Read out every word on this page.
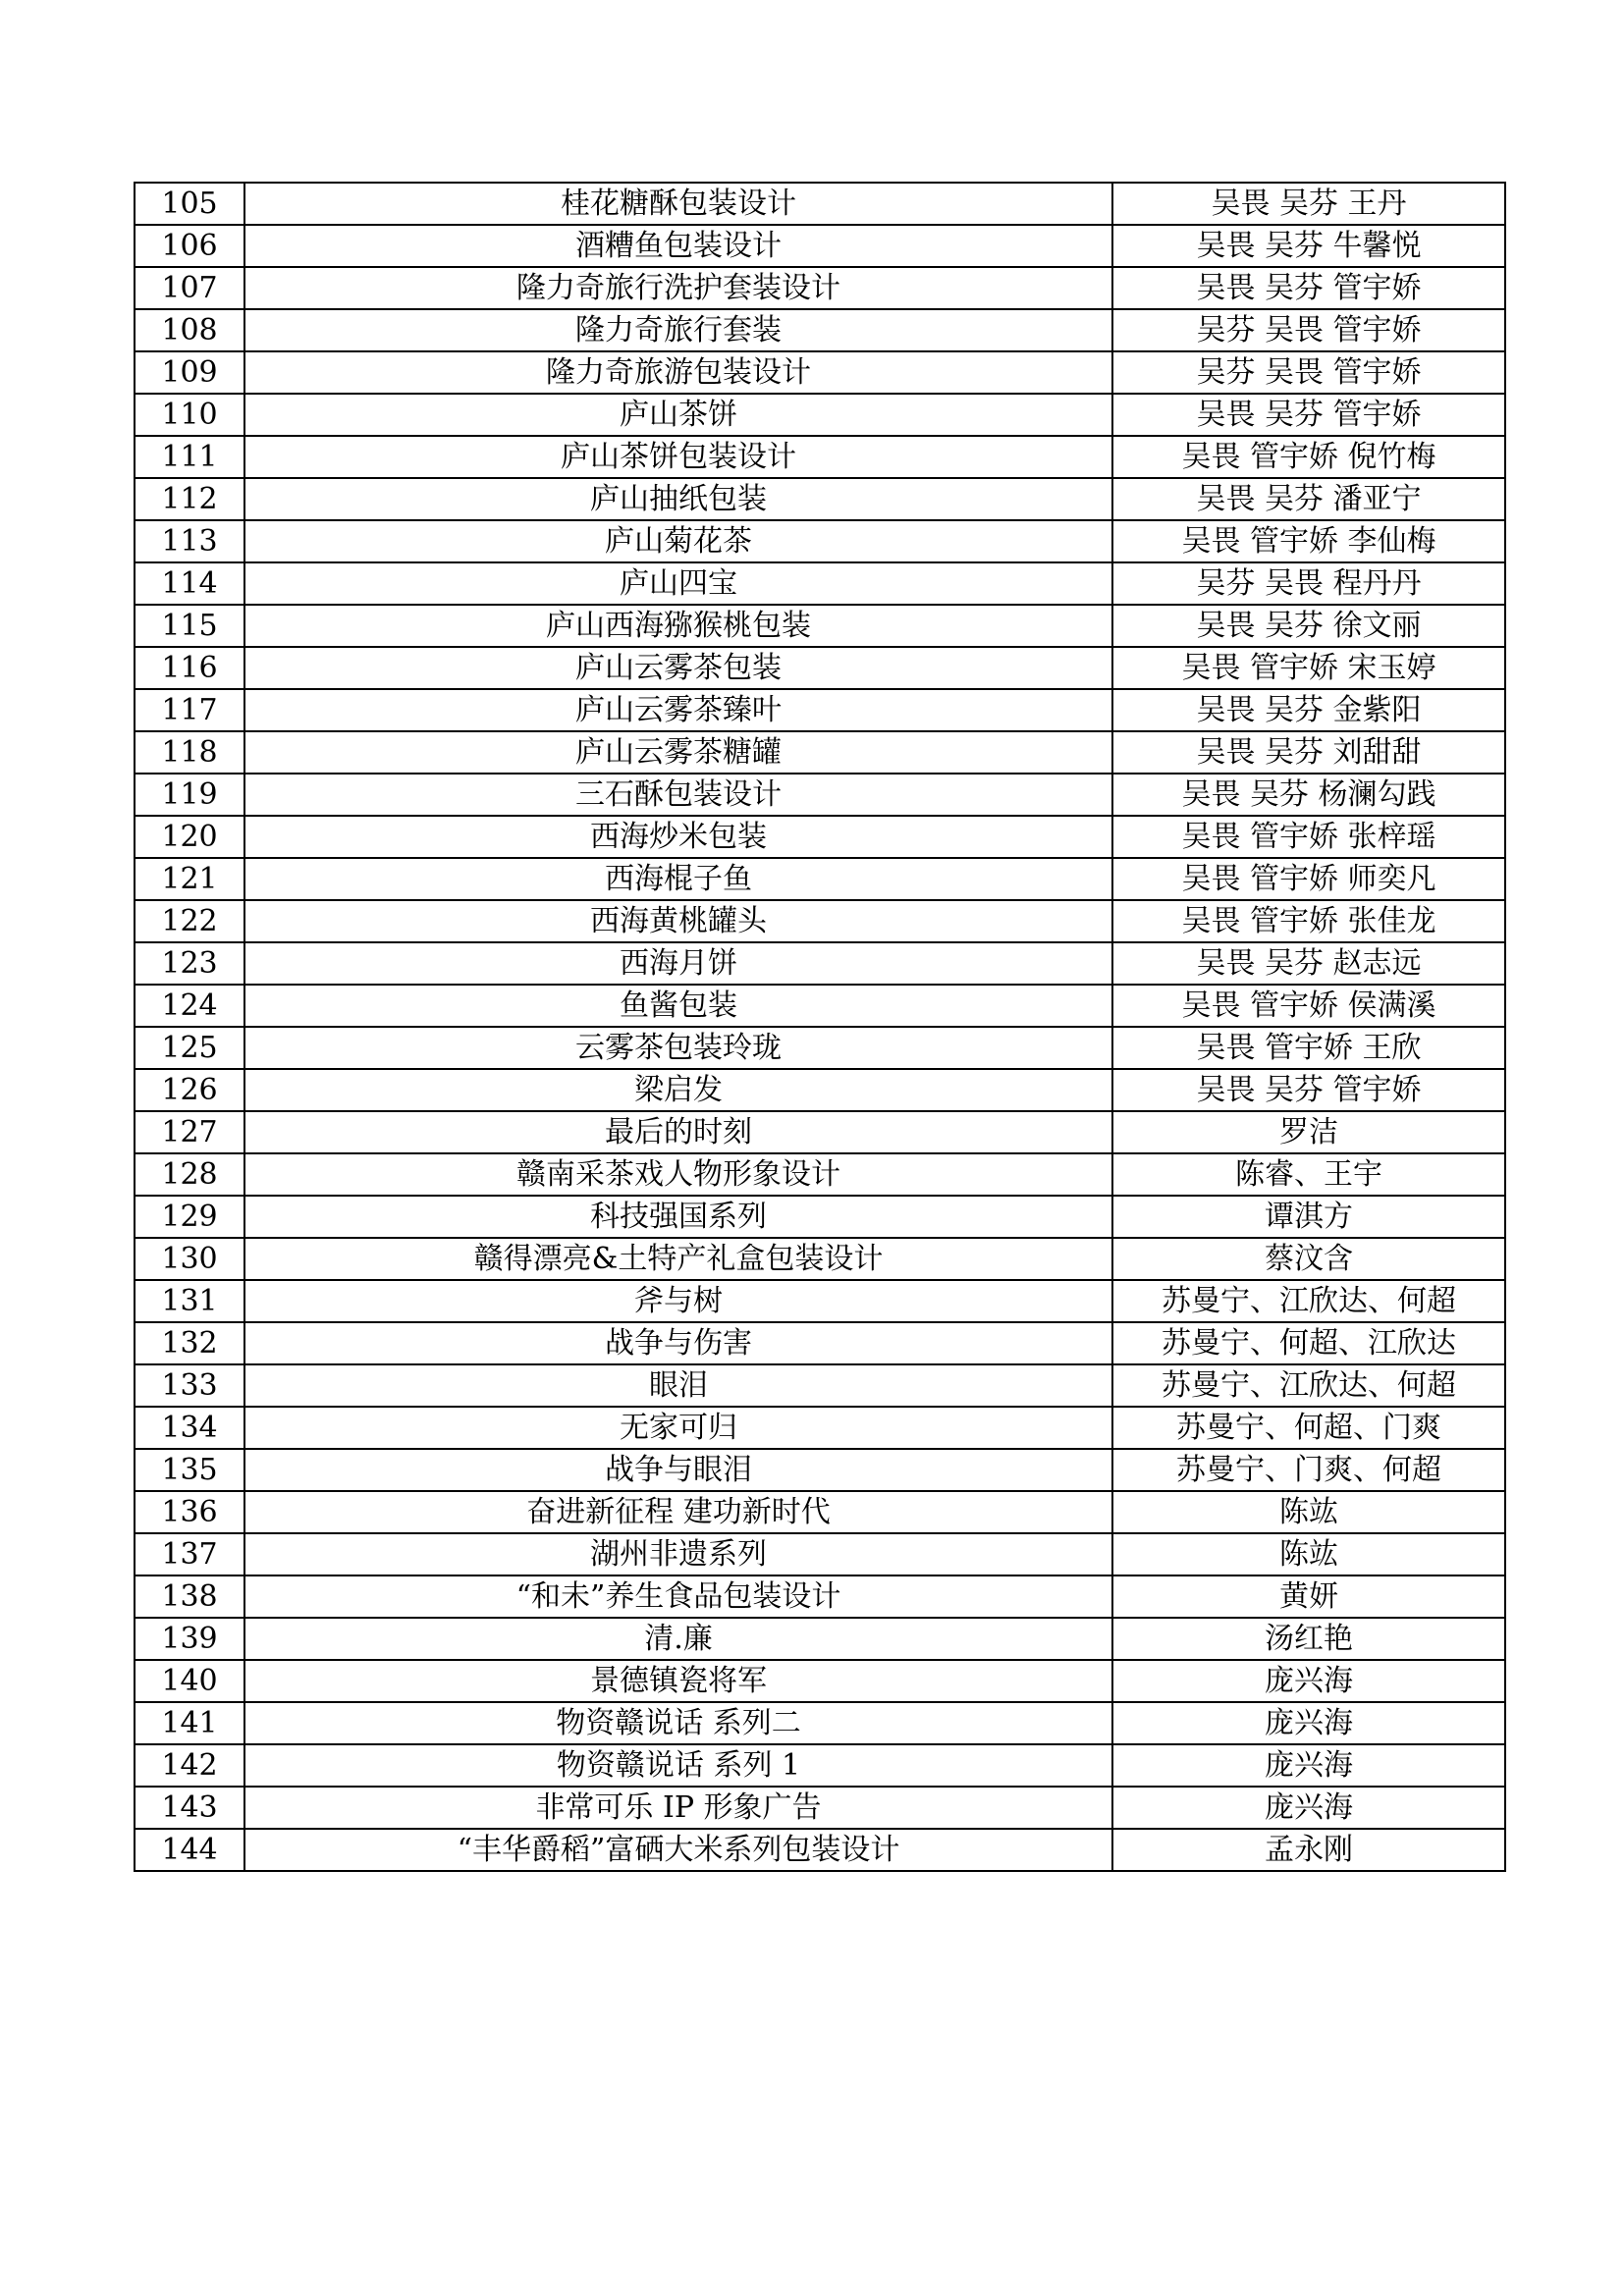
105	桂花糖酥包装设计	吴畏 吴芬 王丹
106	酒糟鱼包装设计	吴畏 吴芬 牛馨悦
107	隆力奇旅行洗护套装设计	吴畏 吴芬 管宇娇
108	隆力奇旅行套装	吴芬 吴畏 管宇娇
109	隆力奇旅游包装设计	吴芬 吴畏 管宇娇
110	庐山茶饼	吴畏 吴芬 管宇娇
111	庐山茶饼包装设计	吴畏 管宇娇 倪竹梅
112	庐山抽纸包装	吴畏 吴芬 潘亚宁
113	庐山菊花茶	吴畏 管宇娇 李仙梅
114	庐山四宝	吴芬 吴畏 程丹丹
115	庐山西海猕猴桃包装	吴畏 吴芬 徐文丽
116	庐山云雾茶包装	吴畏 管宇娇 宋玉婷
117	庐山云雾茶臻叶	吴畏 吴芬 金紫阳
118	庐山云雾茶糖罐	吴畏 吴芬 刘甜甜
119	三石酥包装设计	吴畏 吴芬 杨澜勾践
120	西海炒米包装	吴畏 管宇娇 张梓瑶
121	西海棍子鱼	吴畏 管宇娇 师奕凡
122	西海黄桃罐头	吴畏 管宇娇 张佳龙
123	西海月饼	吴畏 吴芬 赵志远
124	鱼酱包装	吴畏 管宇娇 侯满溪
125	云雾茶包装玲珑	吴畏 管宇娇 王欣
126	梁启发	吴畏 吴芬 管宇娇
127	最后的时刻	罗洁
128	赣南采茶戏人物形象设计	陈睿、王宇
129	科技强国系列	谭淇方
130	赣得漂亮&土特产礼盒包装设计	蔡汶含
131	斧与树	苏曼宁、江欣达、何超
132	战争与伤害	苏曼宁、何超、江欣达
133	眼泪	苏曼宁、江欣达、何超
134	无家可归	苏曼宁、何超、门爽
135	战争与眼泪	苏曼宁、门爽、何超
136	奋进新征程 建功新时代	陈竑
137	湖州非遗系列	陈竑
138	“和未”养生食品包装设计	黄妍
139	清.廉	汤红艳
140	景德镇瓷将军	庞兴海
141	物资赣说话 系列二	庞兴海
142	物资赣说话 系列 1	庞兴海
143	非常可乐 IP 形象广告	庞兴海
144	“丰华爵稻”富硒大米系列包装设计	孟永刚
